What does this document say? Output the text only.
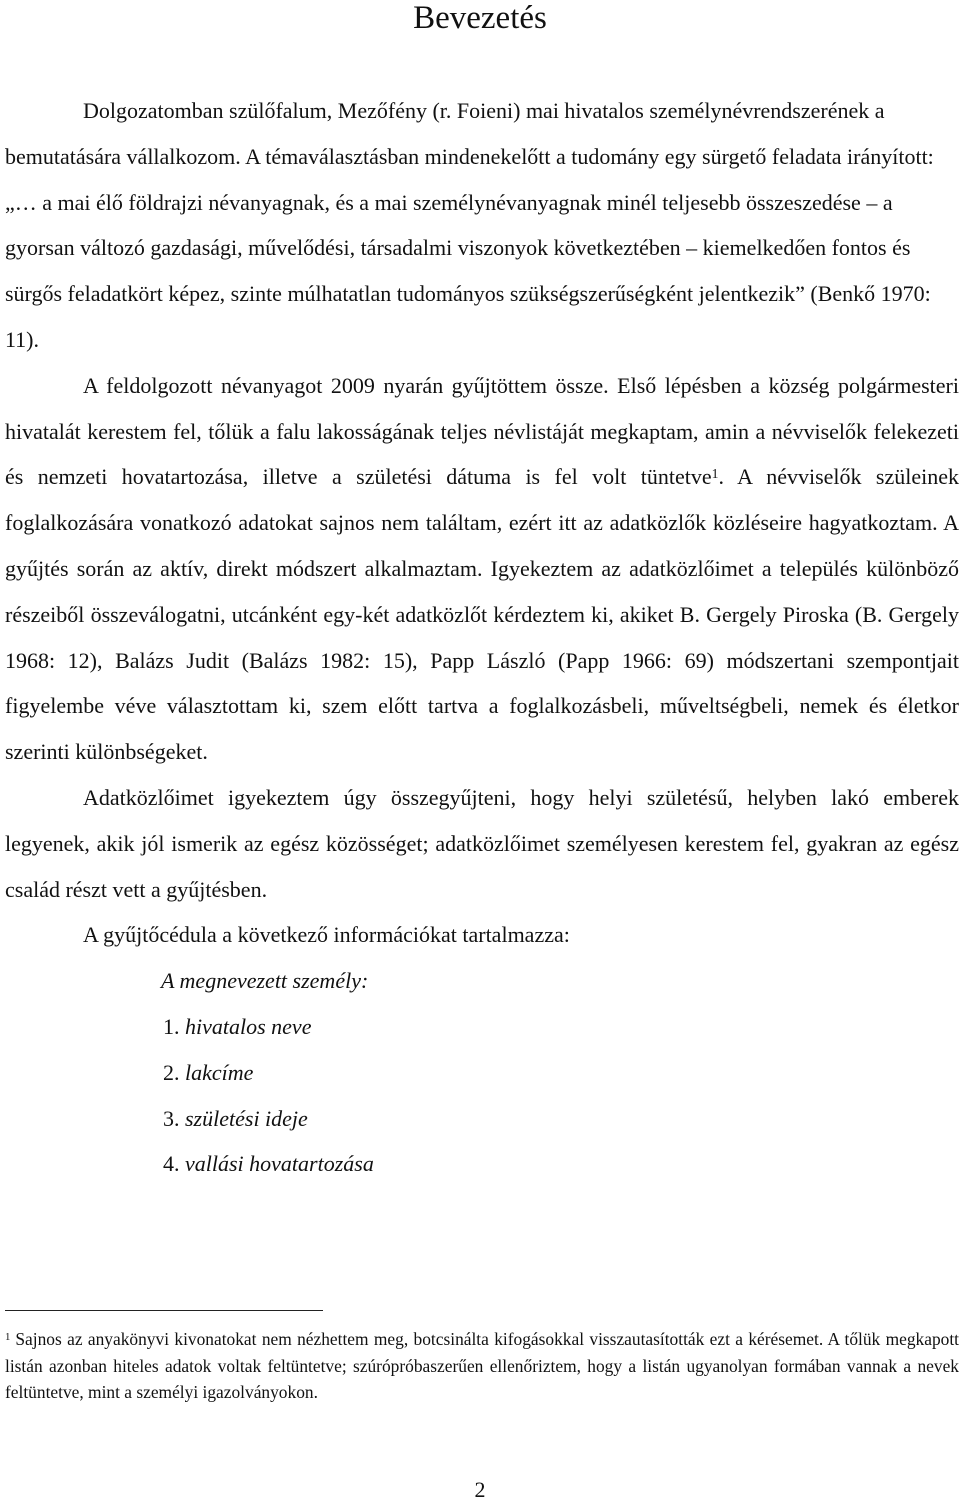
Bevezetés

Dolgozatomban szülőfalum, Mezőfény (r. Foieni) mai hivatalos személynévrendszerének a bemutatására vállalkozom. A témaválasztásban mindenekelőtt a tudomány egy sürgető feladata irányított: „… a mai élő földrajzi névanyagnak, és a mai személynévanyagnak minél teljesebb összeszedése – a gyorsan változó gazdasági, művelődési, társadalmi viszonyok következtében – kiemelkedően fontos és sürgős feladatkört képez, szinte múlhatatlan tudományos szükségszerűségként jelentkezik” (Benkő 1970: 11).

A feldolgozott névanyagot 2009 nyarán gyűjtöttem össze. Első lépésben a község polgármesteri hivatalát kerestem fel, tőlük a falu lakosságának teljes névlistáját megkaptam, amin a névviselők felekezeti és nemzeti hovatartozása, illetve a születési dátuma is fel volt tüntetve$^1$. A névviselők szüleinek foglalkozására vonatkozó adatokat sajnos nem találtam, ezért itt az adatközlők közléseire hagyatkoztam. A gyűjtés során az aktív, direkt módszert alkalmaztam. Igyekeztem az adatközlőimet a település különböző részeiből összeválogatni, utcánként egy-két adatközlőt kérdeztem ki, akiket B. Gergely Piroska (B. Gergely 1968: 12), Balázs Judit (Balázs 1982: 15), Papp László (Papp 1966: 69) módszertani szempontjait figyelembe véve választottam ki, szem előtt tartva a foglalkozásbeli, műveltségbeli, nemek és életkor szerinti különbségeket.

Adatközlőimet igyekeztem úgy összegyűjteni, hogy helyi születésű, helyben lakó emberek legyenek, akik jól ismerik az egész közösséget; adatközlőimet személyesen kerestem fel, gyakran az egész család részt vett a gyűjtésben.

A gyűjtőcédula a következő információkat tartalmazza:

A megnevezett személy:

1. hivatalos neve
2. lakcíme
3. születési ideje
4. vallási hovatartozása
$^1$ Sajnos az anyakönyvi kivonatokat nem nézhettem meg, botcsinálta kifogásokkal visszautasították ezt a kérésemet. A tőlük megkapott listán azonban hiteles adatok voltak feltüntetve; szúrópróbaszerűen ellenőriztem, hogy a listán ugyanolyan formában vannak a nevek feltüntetve, mint a személyi igazolványokon.
2
